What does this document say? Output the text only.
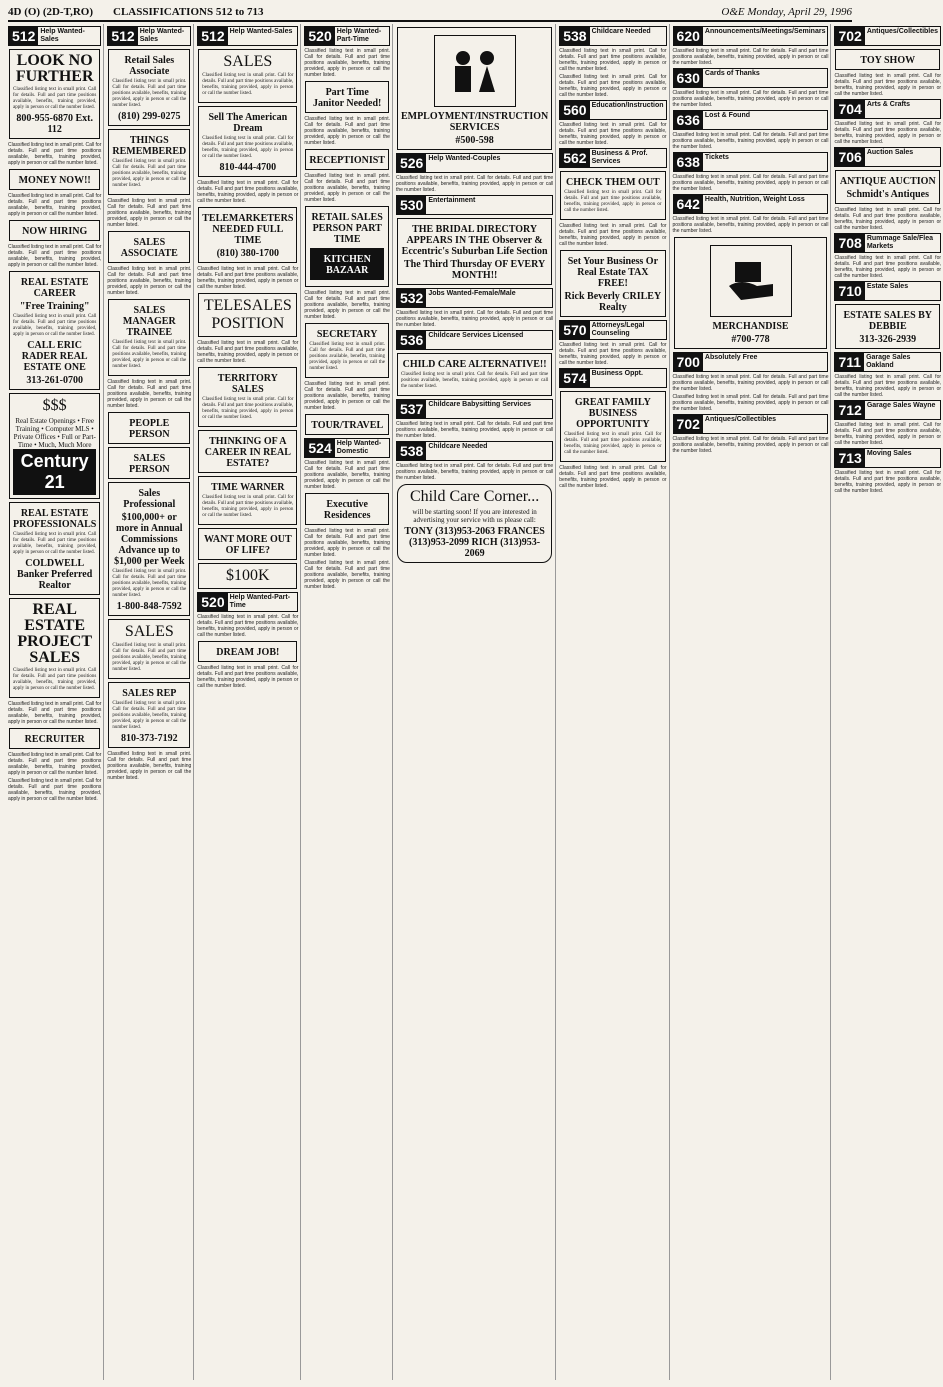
4D (O) (2D-T,RO) CLASSIFICATIONS 512 to 713	O&E Monday, April 29, 1996
512 Help Wanted-Sales
LOOK NO FURTHER
Classified listing text in small print. Call for details. Full and part time positions available, benefits, training provided, apply in person or call the number listed.
800-955-6870 Ext. 112
Classified listing text in small print. Call for details. Full and part time positions available, benefits, training provided, apply in person or call the number listed.
MONEY NOW!!
Classified listing text in small print. Call for details. Full and part time positions available, benefits, training provided, apply in person or call the number listed.
NOW HIRING
Classified listing text in small print. Call for details. Full and part time positions available, benefits, training provided, apply in person or call the number listed.
REAL ESTATE CAREER
"Free Training"
Classified listing text in small print. Call for details. Full and part time positions available, benefits, training provided, apply in person or call the number listed.
CALL ERIC RADER REAL ESTATE ONE
313-261-0700
$$$
Real Estate Openings • Free Training • Computer MLS • Private Offices • Full or Part-Time • Much, Much More
Century 21
REAL ESTATE PROFESSIONALS
Classified listing text in small print. Call for details. Full and part time positions available, benefits, training provided, apply in person or call the number listed.
COLDWELL Banker Preferred Realtor
REAL ESTATE PROJECT SALES
Classified listing text in small print. Call for details. Full and part time positions available, benefits, training provided, apply in person or call the number listed.
Classified listing text in small print. Call for details. Full and part time positions available, benefits, training provided, apply in person or call the number listed.
RECRUITER
Classified listing text in small print. Call for details. Full and part time positions available, benefits, training provided, apply in person or call the number listed.
Classified listing text in small print. Call for details. Full and part time positions available, benefits, training provided, apply in person or call the number listed.
512 Help Wanted-Sales
Retail Sales Associate
Classified listing text in small print. Call for details. Full and part time positions available, benefits, training provided, apply in person or call the number listed.
(810) 299-0275
THINGS REMEMBERED
Classified listing text in small print. Call for details. Full and part time positions available, benefits, training provided, apply in person or call the number listed.
Classified listing text in small print. Call for details. Full and part time positions available, benefits, training provided, apply in person or call the number listed.
SALES ASSOCIATE
Classified listing text in small print. Call for details. Full and part time positions available, benefits, training provided, apply in person or call the number listed.
SALES MANAGER TRAINEE
Classified listing text in small print. Call for details. Full and part time positions available, benefits, training provided, apply in person or call the number listed.
Classified listing text in small print. Call for details. Full and part time positions available, benefits, training provided, apply in person or call the number listed.
PEOPLE PERSON
SALES PERSON
Sales Professional
$100,000+ or more in Annual Commissions Advance up to $1,000 per Week
Classified listing text in small print. Call for details. Full and part time positions available, benefits, training provided, apply in person or call the number listed.
1-800-848-7592
SALES
Classified listing text in small print. Call for details. Full and part time positions available, benefits, training provided, apply in person or call the number listed.
SALES REP
Classified listing text in small print. Call for details. Full and part time positions available, benefits, training provided, apply in person or call the number listed.
810-373-7192
Classified listing text in small print. Call for details. Full and part time positions available, benefits, training provided, apply in person or call the number listed.
512 Help Wanted-Sales
SALES
Classified listing text in small print. Call for details. Full and part time positions available, benefits, training provided, apply in person or call the number listed.
Sell The American Dream
Classified listing text in small print. Call for details. Full and part time positions available, benefits, training provided, apply in person or call the number listed.
810-444-4700
Classified listing text in small print. Call for details. Full and part time positions available, benefits, training provided, apply in person or call the number listed.
TELEMARKETERS NEEDED FULL TIME
(810) 380-1700
Classified listing text in small print. Call for details. Full and part time positions available, benefits, training provided, apply in person or call the number listed.
TELESALES POSITION
Classified listing text in small print. Call for details. Full and part time positions available, benefits, training provided, apply in person or call the number listed.
TERRITORY SALES
Classified listing text in small print. Call for details. Full and part time positions available, benefits, training provided, apply in person or call the number listed.
THINKING OF A CAREER IN REAL ESTATE?
TIME WARNER
Classified listing text in small print. Call for details. Full and part time positions available, benefits, training provided, apply in person or call the number listed.
WANT MORE OUT OF LIFE?
$100K
520 Help Wanted-Part-Time
Classified listing text in small print. Call for details. Full and part time positions available, benefits, training provided, apply in person or call the number listed.
DREAM JOB!
Classified listing text in small print. Call for details. Full and part time positions available, benefits, training provided, apply in person or call the number listed.
520 Help Wanted-Part-Time
Classified listing text in small print. Call for details. Full and part time positions available, benefits, training provided, apply in person or call the number listed.
Part Time Janitor Needed!
Classified listing text in small print. Call for details. Full and part time positions available, benefits, training provided, apply in person or call the number listed.
RECEPTIONIST
Classified listing text in small print. Call for details. Full and part time positions available, benefits, training provided, apply in person or call the number listed.
RETAIL SALES PERSON PART TIME
KITCHEN BAZAAR
Classified listing text in small print. Call for details. Full and part time positions available, benefits, training provided, apply in person or call the number listed.
SECRETARY
Classified listing text in small print. Call for details. Full and part time positions available, benefits, training provided, apply in person or call the number listed.
Classified listing text in small print. Call for details. Full and part time positions available, benefits, training provided, apply in person or call the number listed.
TOUR/TRAVEL
524 Help Wanted-Domestic
Classified listing text in small print. Call for details. Full and part time positions available, benefits, training provided, apply in person or call the number listed.
Executive Residences
Classified listing text in small print. Call for details. Full and part time positions available, benefits, training provided, apply in person or call the number listed.
Classified listing text in small print. Call for details. Full and part time positions available, benefits, training provided, apply in person or call the number listed.
EMPLOYMENT/INSTRUCTION SERVICES
#500-598
526 Help Wanted-Couples
Classified listing text in small print. Call for details. Full and part time positions available, benefits, training provided, apply in person or call the number listed.
530 Entertainment
THE BRIDAL DIRECTORY APPEARS IN THE Observer & Eccentric's Suburban Life Section
The Third Thursday OF EVERY MONTH!!
532 Jobs Wanted-Female/Male
Classified listing text in small print. Call for details. Full and part time positions available, benefits, training provided, apply in person or call the number listed.
536 Childcare Services Licensed
CHILD CARE ALTERNATIVE!!
Classified listing text in small print. Call for details. Full and part time positions available, benefits, training provided, apply in person or call the number listed.
537 Childcare Babysitting Services
Classified listing text in small print. Call for details. Full and part time positions available, benefits, training provided, apply in person or call the number listed.
538 Childcare Needed
Classified listing text in small print. Call for details. Full and part time positions available, benefits, training provided, apply in person or call the number listed.
Child Care Corner...
will be starting soon! If you are interested in advertising your service with us please call:
TONY (313)953-2063 FRANCES (313)953-2099 RICH (313)953-2069
538 Childcare Needed
Classified listing text in small print. Call for details. Full and part time positions available, benefits, training provided, apply in person or call the number listed.
Classified listing text in small print. Call for details. Full and part time positions available, benefits, training provided, apply in person or call the number listed.
560 Education/Instruction
Classified listing text in small print. Call for details. Full and part time positions available, benefits, training provided, apply in person or call the number listed.
562 Business & Prof. Services
CHECK THEM OUT
Classified listing text in small print. Call for details. Full and part time positions available, benefits, training provided, apply in person or call the number listed.
Classified listing text in small print. Call for details. Full and part time positions available, benefits, training provided, apply in person or call the number listed.
Set Your Business Or Real Estate TAX FREE!
Rick Beverly CRILEY Realty
570 Attorneys/Legal Counseling
Classified listing text in small print. Call for details. Full and part time positions available, benefits, training provided, apply in person or call the number listed.
574 Business Oppt.
GREAT FAMILY BUSINESS OPPORTUNITY
Classified listing text in small print. Call for details. Full and part time positions available, benefits, training provided, apply in person or call the number listed.
Classified listing text in small print. Call for details. Full and part time positions available, benefits, training provided, apply in person or call the number listed.
620 Announcements/Meetings/Seminars
Classified listing text in small print. Call for details. Full and part time positions available, benefits, training provided, apply in person or call the number listed.
630 Cards of Thanks
Classified listing text in small print. Call for details. Full and part time positions available, benefits, training provided, apply in person or call the number listed.
636 Lost & Found
Classified listing text in small print. Call for details. Full and part time positions available, benefits, training provided, apply in person or call the number listed.
638 Tickets
Classified listing text in small print. Call for details. Full and part time positions available, benefits, training provided, apply in person or call the number listed.
642 Health, Nutrition, Weight Loss
Classified listing text in small print. Call for details. Full and part time positions available, benefits, training provided, apply in person or call the number listed.
MERCHANDISE
#700-778
700 Absolutely Free
Classified listing text in small print. Call for details. Full and part time positions available, benefits, training provided, apply in person or call the number listed.
Classified listing text in small print. Call for details. Full and part time positions available, benefits, training provided, apply in person or call the number listed.
702 Antiques/Collectibles
Classified listing text in small print. Call for details. Full and part time positions available, benefits, training provided, apply in person or call the number listed.
702 Antiques/Collectibles
TOY SHOW
Classified listing text in small print. Call for details. Full and part time positions available, benefits, training provided, apply in person or call the number listed.
704 Arts & Crafts
Classified listing text in small print. Call for details. Full and part time positions available, benefits, training provided, apply in person or call the number listed.
706 Auction Sales
ANTIQUE AUCTION
Schmidt's Antiques
Classified listing text in small print. Call for details. Full and part time positions available, benefits, training provided, apply in person or call the number listed.
708 Rummage Sale/Flea Markets
Classified listing text in small print. Call for details. Full and part time positions available, benefits, training provided, apply in person or call the number listed.
710 Estate Sales
ESTATE SALES BY DEBBIE
313-326-2939
711 Garage Sales Oakland
Classified listing text in small print. Call for details. Full and part time positions available, benefits, training provided, apply in person or call the number listed.
712 Garage Sales Wayne
Classified listing text in small print. Call for details. Full and part time positions available, benefits, training provided, apply in person or call the number listed.
713 Moving Sales
Classified listing text in small print. Call for details. Full and part time positions available, benefits, training provided, apply in person or call the number listed.
